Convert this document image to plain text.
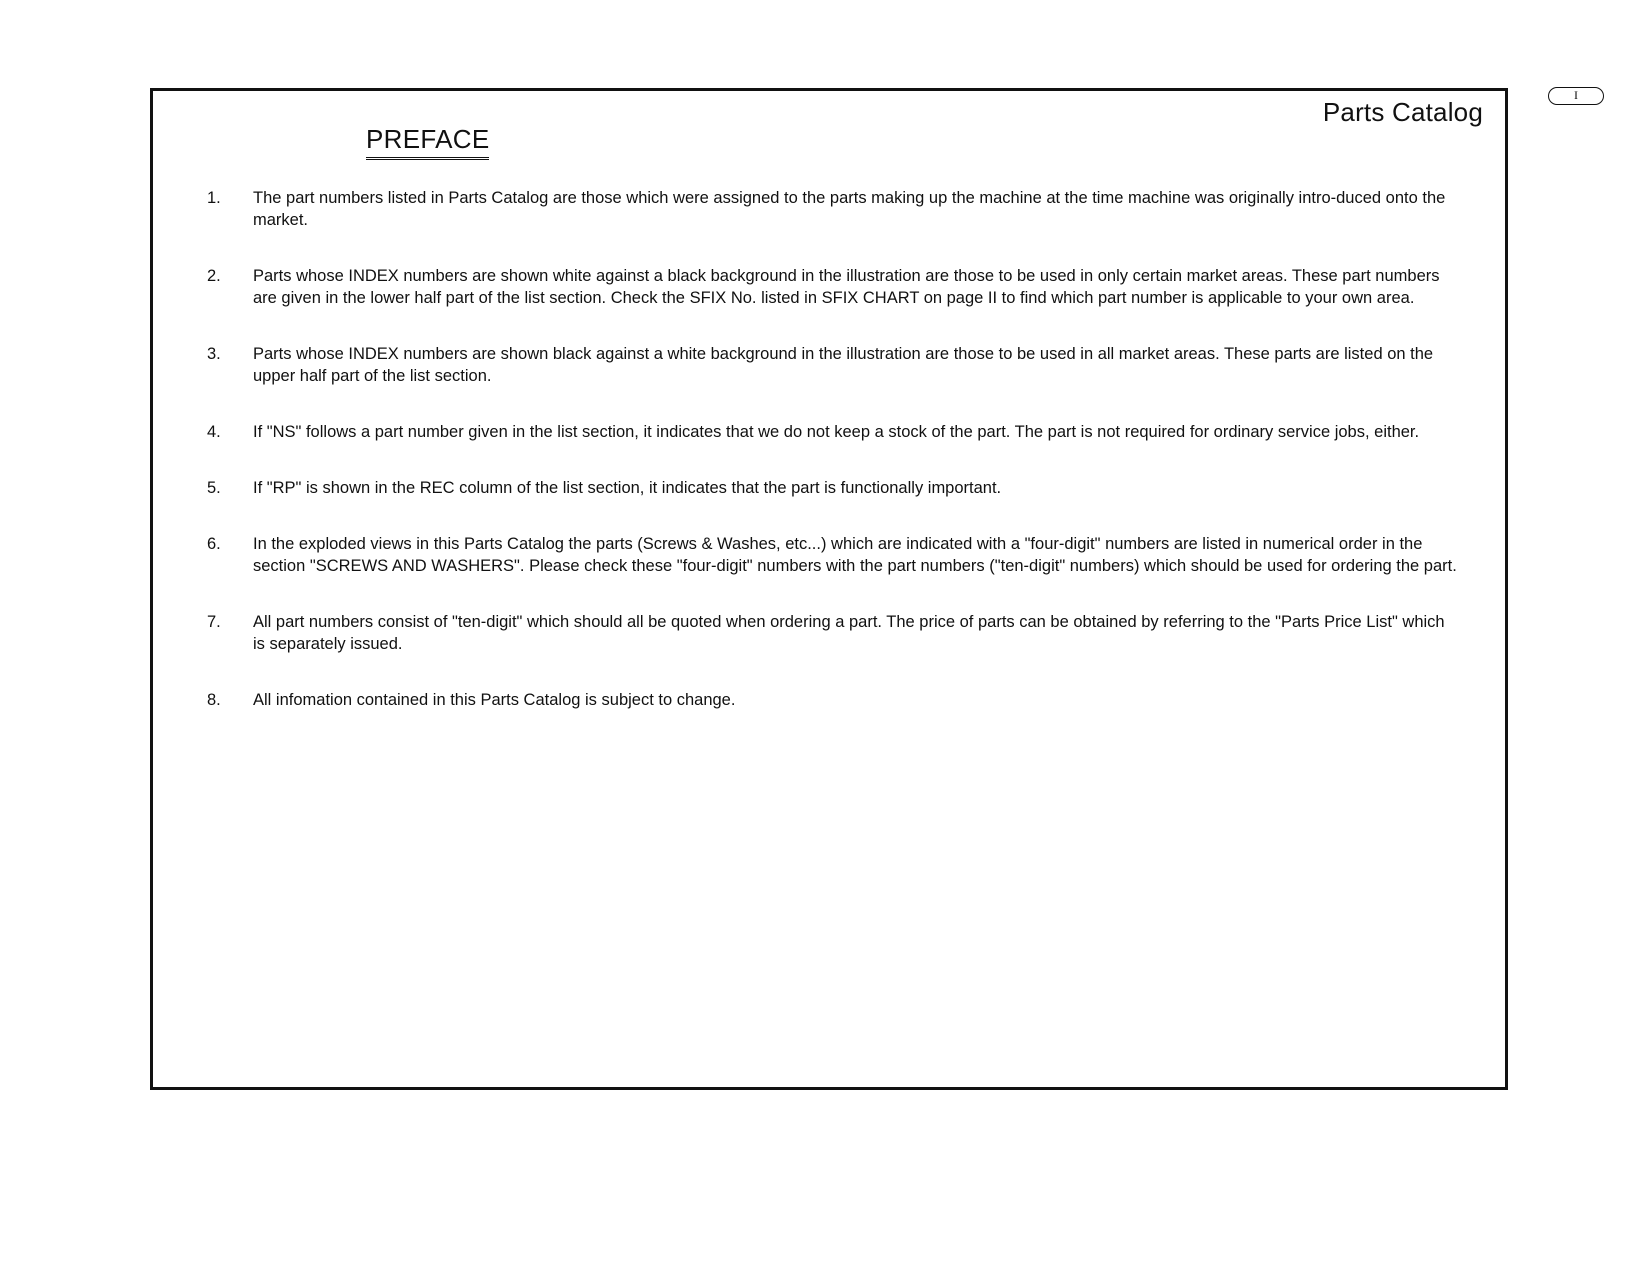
Parts Catalog
PREFACE
1.	The part numbers listed in Parts Catalog are those which were assigned to the parts making up the machine at the time machine was originally intro-duced onto the market.
2.	Parts whose INDEX numbers are shown white against a black background in the illustration are those to be used in only certain market areas. These part numbers are given in the lower half part of the list section. Check the SFIX No. listed in SFIX CHART on page II to find which part number is applicable to your own area.
3.	Parts whose INDEX numbers are shown black against a white background in the illustration are those to be used in all market areas. These parts are listed on the upper half part of the list section.
4.	If "NS" follows a part number given in the list section, it indicates that we do not keep a stock of the part. The part is not required for ordinary service jobs, either.
5.	If "RP" is shown in the REC column of the list section, it indicates that the part is functionally important.
6.	In the exploded views in this Parts Catalog the parts (Screws & Washes, etc...) which are indicated with a "four-digit" numbers are listed in numerical order in the section "SCREWS AND WASHERS". Please check these "four-digit" numbers with the part numbers ("ten-digit" numbers) which should be used for ordering the part.
7.	All part numbers consist of "ten-digit" which should all be quoted when ordering a part. The price of parts can be obtained by referring to the "Parts Price List" which is separately issued.
8.	All infomation contained in this Parts Catalog is subject to change.
I
